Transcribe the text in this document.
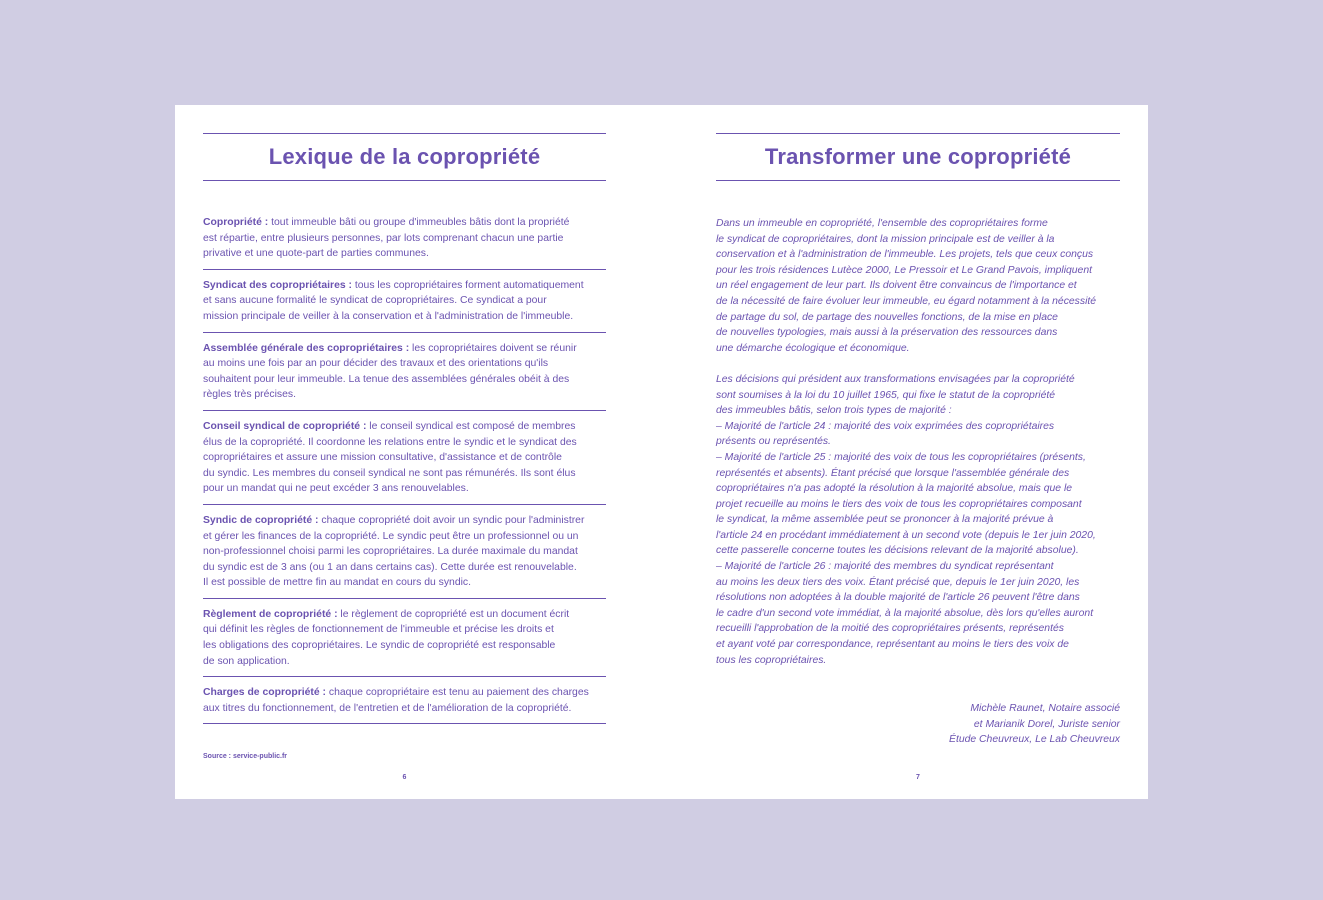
Lexique de la copropriété
Copropriété : tout immeuble bâti ou groupe d'immeubles bâtis dont la propriété
est répartie, entre plusieurs personnes, par lots comprenant chacun une partie
privative et une quote-part de parties communes.
Syndicat des copropriétaires : tous les copropriétaires forment automatiquement
et sans aucune formalité le syndicat de copropriétaires. Ce syndicat a pour
mission principale de veiller à la conservation et à l'administration de l'immeuble.
Assemblée générale des copropriétaires : les copropriétaires doivent se réunir
au moins une fois par an pour décider des travaux et des orientations qu'ils
souhaitent pour leur immeuble. La tenue des assemblées générales obéit à des
règles très précises.
Conseil syndical de copropriété : le conseil syndical est composé de membres
élus de la copropriété. Il coordonne les relations entre le syndic et le syndicat des
copropriétaires et assure une mission consultative, d'assistance et de contrôle
du syndic. Les membres du conseil syndical ne sont pas rémunérés. Ils sont élus
pour un mandat qui ne peut excéder 3 ans renouvelables.
Syndic de copropriété : chaque copropriété doit avoir un syndic pour l'administrer
et gérer les finances de la copropriété. Le syndic peut être un professionnel ou un
non-professionnel choisi parmi les copropriétaires. La durée maximale du mandat
du syndic est de 3 ans (ou 1 an dans certains cas). Cette durée est renouvelable.
Il est possible de mettre fin au mandat en cours du syndic.
Règlement de copropriété : le règlement de copropriété est un document écrit
qui définit les règles de fonctionnement de l'immeuble et précise les droits et
les obligations des copropriétaires. Le syndic de copropriété est responsable
de son application.
Charges de copropriété : chaque copropriétaire est tenu au paiement des charges
aux titres du fonctionnement, de l'entretien et de l'amélioration de la copropriété.
Source : service-public.fr
6
Transformer une copropriété

Dans un immeuble en copropriété, l'ensemble des copropriétaires forme
le syndicat de copropriétaires, dont la mission principale est de veiller à la
conservation et à l'administration de l'immeuble. Les projets, tels que ceux conçus
pour les trois résidences Lutèce 2000, Le Pressoir et Le Grand Pavois, impliquent
un réel engagement de leur part. Ils doivent être convaincus de l'importance et
de la nécessité de faire évoluer leur immeuble, eu égard notamment à la nécessité
de partage du sol, de partage des nouvelles fonctions, de la mise en place
de nouvelles typologies, mais aussi à la préservation des ressources dans
une démarche écologique et économique.

Les décisions qui président aux transformations envisagées par la copropriété
sont soumises à la loi du 10 juillet 1965, qui fixe le statut de la copropriété
des immeubles bâtis, selon trois types de majorité :
– Majorité de l'article 24 : majorité des voix exprimées des copropriétaires
présents ou représentés.
– Majorité de l'article 25 : majorité des voix de tous les copropriétaires (présents,
représentés et absents). Étant précisé que lorsque l'assemblée générale des
copropriétaires n'a pas adopté la résolution à la majorité absolue, mais que le
projet recueille au moins le tiers des voix de tous les copropriétaires composant
le syndicat, la même assemblée peut se prononcer à la majorité prévue à
l'article 24 en procédant immédiatement à un second vote (depuis le 1er juin 2020,
cette passerelle concerne toutes les décisions relevant de la majorité absolue).
– Majorité de l'article 26 : majorité des membres du syndicat représentant
au moins les deux tiers des voix. Étant précisé que, depuis le 1er juin 2020, les
résolutions non adoptées à la double majorité de l'article 26 peuvent l'être dans
le cadre d'un second vote immédiat, à la majorité absolue, dès lors qu'elles auront
recueilli l'approbation de la moitié des copropriétaires présents, représentés
et ayant voté par correspondance, représentant au moins le tiers des voix de
tous les copropriétaires.

Michèle Raunet, Notaire associé
et Marianik Dorel, Juriste senior
Étude Cheuvreux, Le Lab Cheuvreux
7
